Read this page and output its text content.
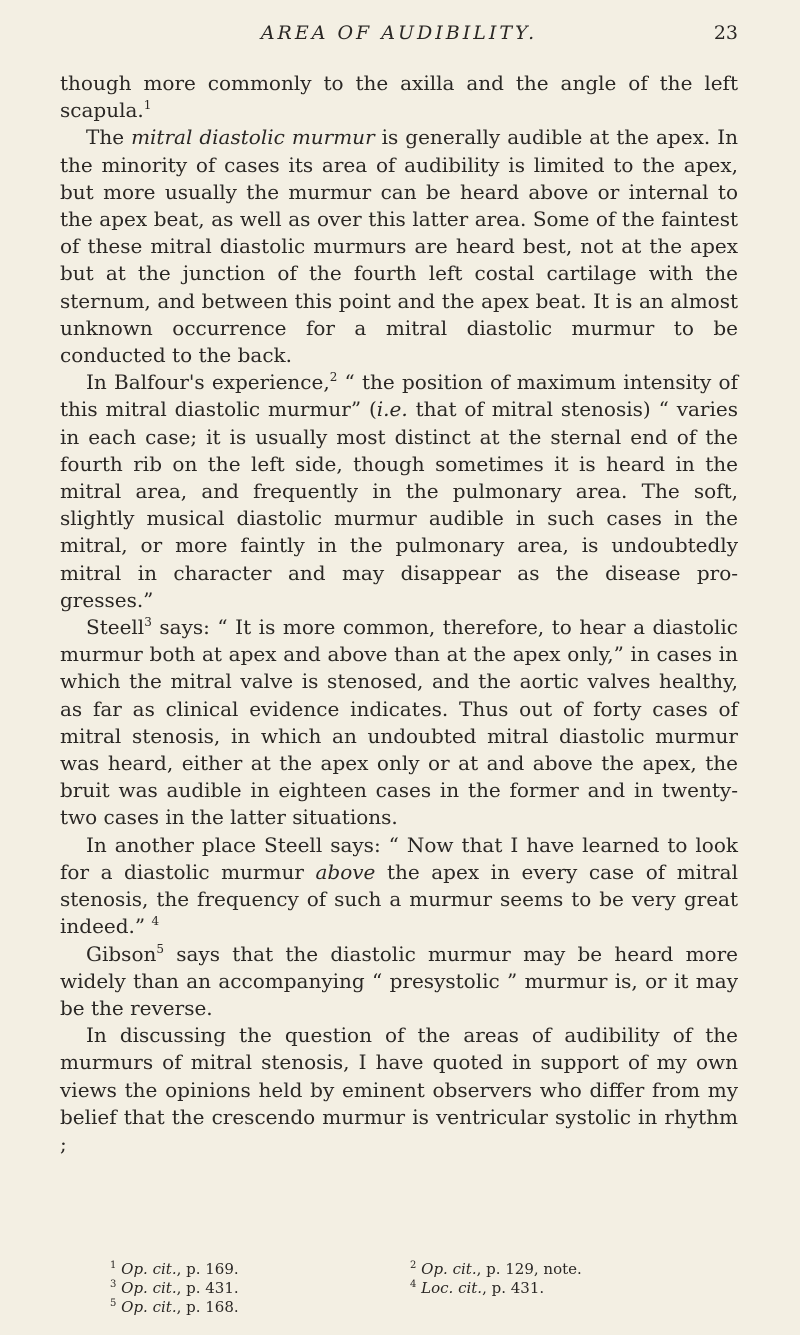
AREA OF AUDIBILITY.	23

though more commonly to the axilla and the angle of the left scapula.$^1$

The mitral diastolic murmur is generally audible at the apex. In the minority of cases its area of audibility is limited to the apex, but more usually the murmur can be heard above or internal to the apex beat, as well as over this latter area. Some of the faintest of these mitral diastolic murmurs are heard best, not at the apex but at the junction of the fourth left costal cartilage with the sternum, and between this point and the apex beat. It is an almost unknown occurrence for a mitral diastolic murmur to be conducted to the back.

In Balfour's experience,$^2$ “ the position of maximum intensity of this mitral diastolic murmur” (i.e. that of mitral stenosis) “ varies in each case; it is usually most distinct at the sternal end of the fourth rib on the left side, though sometimes it is heard in the mitral area, and frequently in the pulmonary area. The soft, slightly musical diastolic murmur audible in such cases in the mitral, or more faintly in the pulmonary area, is undoubtedly mitral in character and may disappear as the disease pro-gresses.”

Steell$^3$ says: “ It is more common, therefore, to hear a diastolic murmur both at apex and above than at the apex only,” in cases in which the mitral valve is stenosed, and the aortic valves healthy, as far as clinical evidence indicates. Thus out of forty cases of mitral stenosis, in which an undoubted mitral diastolic murmur was heard, either at the apex only or at and above the apex, the bruit was audible in eighteen cases in the former and in twenty-two cases in the latter situations.

In another place Steell says: “ Now that I have learned to look for a diastolic murmur above the apex in every case of mitral stenosis, the frequency of such a murmur seems to be very great indeed.” $^4$

Gibson$^5$ says that the diastolic murmur may be heard more widely than an accompanying “ presystolic ” murmur is, or it may be the reverse.

In discussing the question of the areas of audibility of the murmurs of mitral stenosis, I have quoted in support of my own views the opinions held by eminent observers who differ from my belief that the crescendo murmur is ventricular systolic in rhythm ;

$^1$ Op. cit., p. 169.	$^2$ Op. cit., p. 129, note.
$^3$ Op. cit., p. 431.	$^4$ Loc. cit., p. 431.
$^5$ Op. cit., p. 168.
